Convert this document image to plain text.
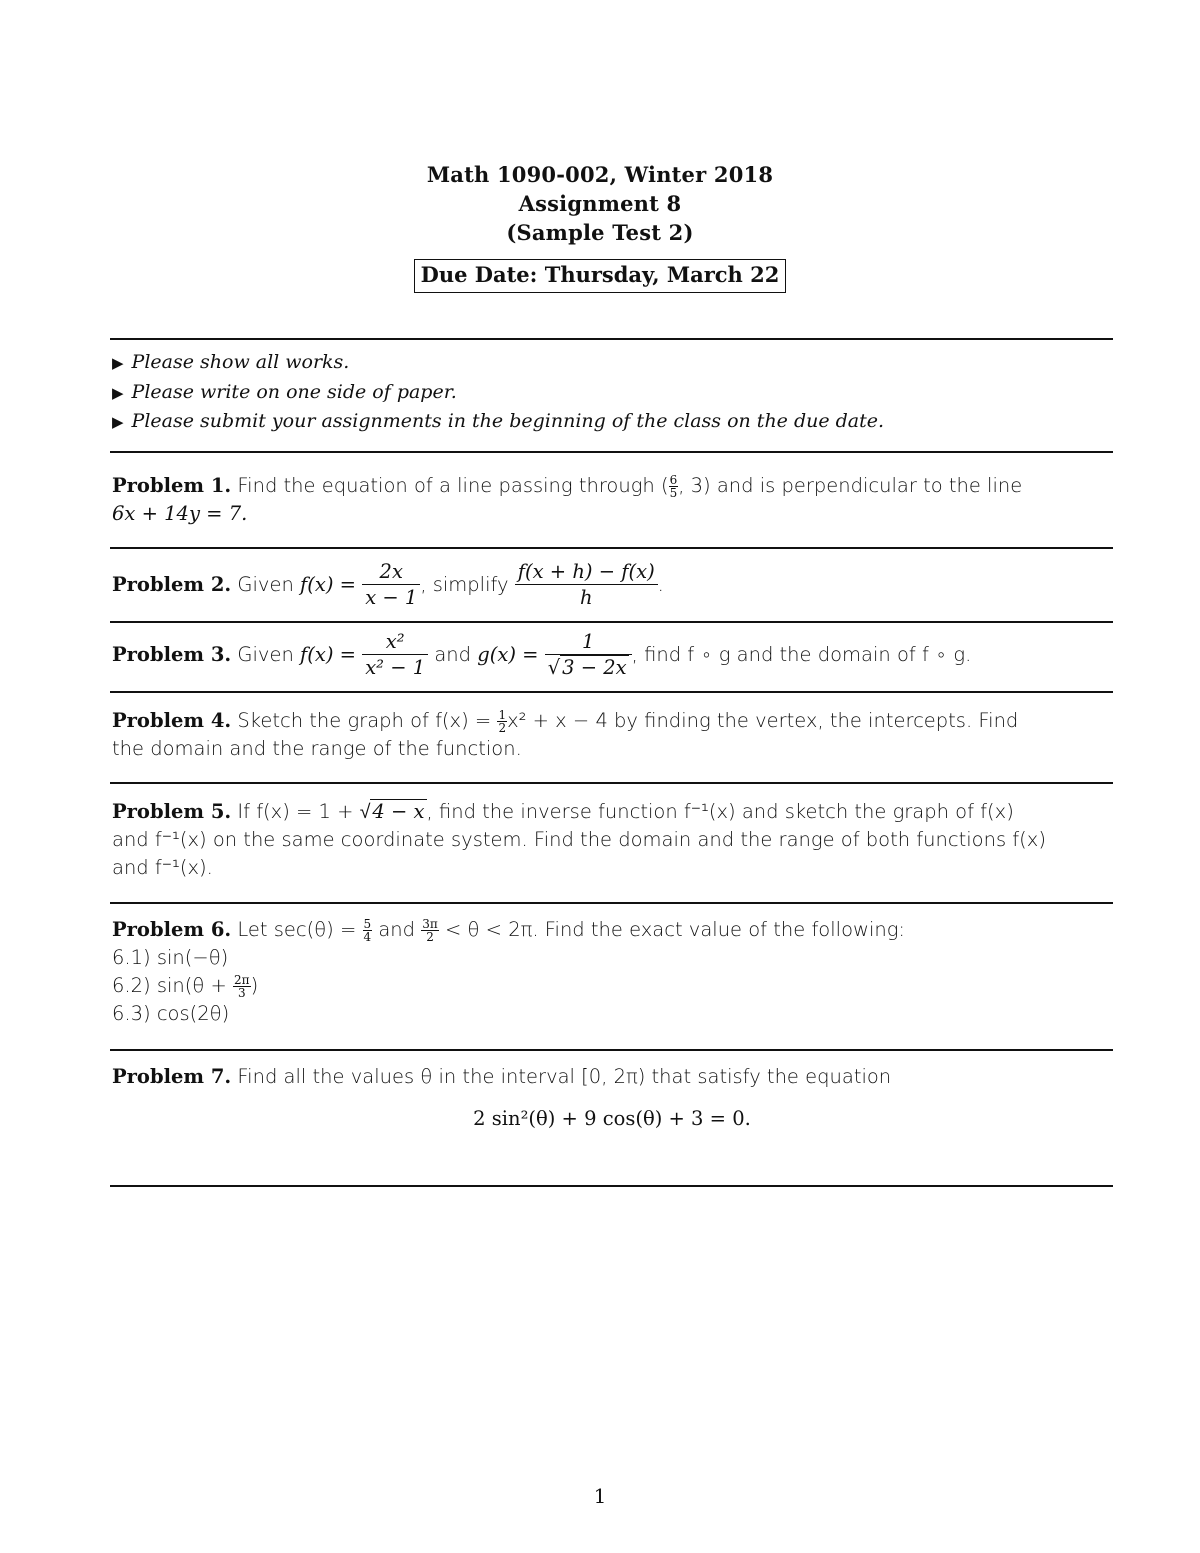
Math 1090-002, Winter 2018
Assignment 8
(Sample Test 2)
Due Date: Thursday, March 22
▶ Please show all works.
▶ Please write on one side of paper.
▶ Please submit your assignments in the beginning of the class on the due date.
Problem 1. Find the equation of a line passing through ( $\frac{6}{5}$ , 3) and is perpendicular to the line
6x + 14y = 7.
Problem 2. Given $f(x) = \frac{2x}{x - 1}$ , simplify $\frac{f(x + h) - f(x)}{h}$ .
Problem 3. Given $f(x) = \frac{\text{x²}}{\text{x² − 1}}$ and $g(x) = \frac{1}{√ 3 - 2x}$ , find f ∘ g and the domain of f ∘ g.
Problem 4. Sketch the graph of $f(x) = \frac{1}{2} x^2 + x - 4$ by finding the vertex, the intercepts. Find
the domain and the range of the function.
Problem 5. If f(x) = 1 + √ 4 − x , find the inverse function f⁻¹(x) and sketch the graph of f(x)
and f⁻¹(x) on the same coordinate system. Find the domain and the range of both functions f(x)
and f⁻¹(x).
Problem 6. Let $\sec(\theta) = \frac{5}{4}$ and $\frac{3\pi}{2} < \theta < 2\pi$. Find the exact value of the following:
6.1) sin(−θ)
6.2) $\sin(\theta + \frac{2\pi}{3}$ )
6.3) cos(2θ)
Problem 7. Find all the values θ in the interval [0, 2π) that satisfy the equation
2 sin²(θ) + 9 cos(θ) + 3 = 0.
1
